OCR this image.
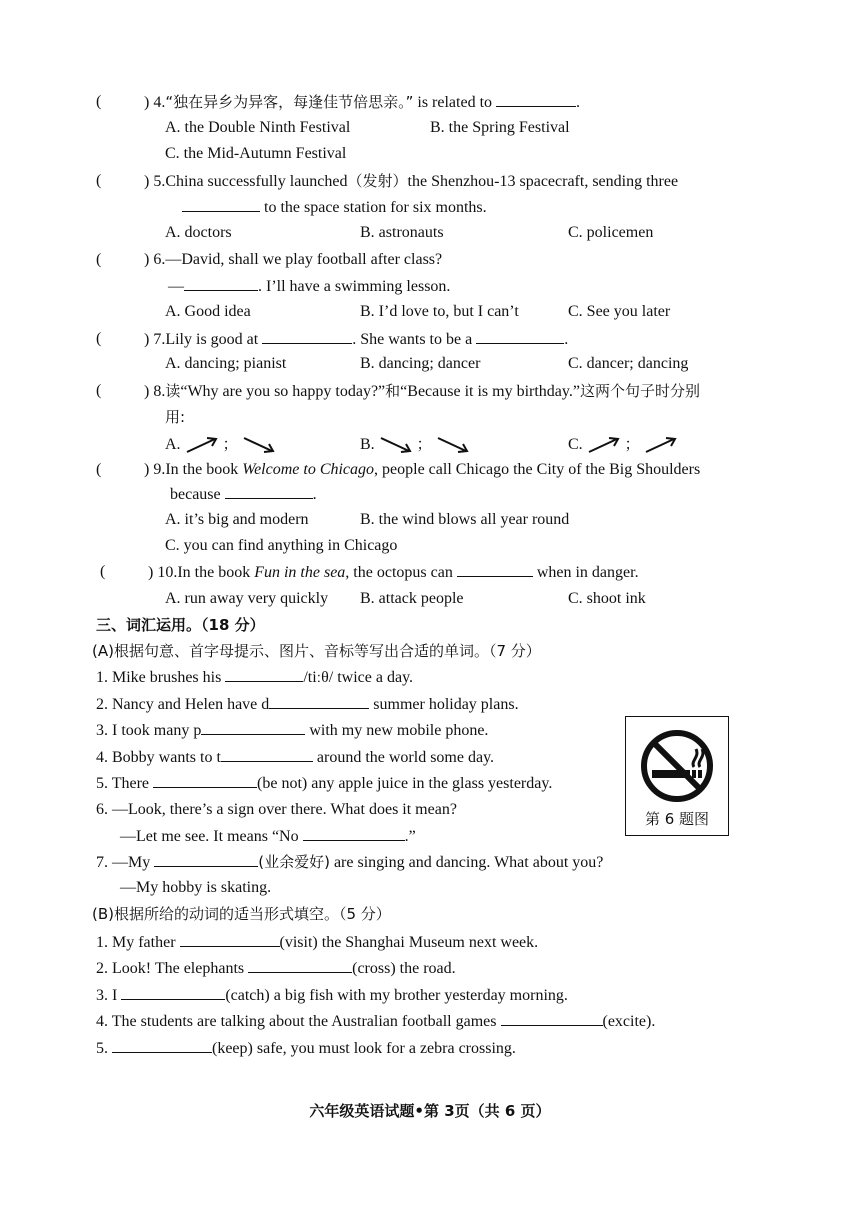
(	) 4.“独在异乡为异客，每逢佳节倍思亲。” is related to	.
A. the Double Ninth Festival	B. the Spring Festival
C. the Mid-Autumn Festival
(	) 5.China successfully launched（发射）the Shenzhou-13 spacecraft, sending three
to the space station for six months.
A. doctors	B. astronauts	C. policemen
(	) 6.—David, shall we play football after class?
—	. I’ll have a swimming lesson.
A. Good idea	B. I’d love to, but I can’t	C. See you later
(	) 7.Lily is good at	. She wants to be a	.
A. dancing; pianist	B. dancing; dancer	C. dancer; dancing
(	) 8.读“Why are you so happy today?”和“Because it is my birthday.”这两个句子时分别
用:
A.	；	B.	；	C.	；
(	) 9.In the book Welcome to Chicago, people call Chicago the City of the Big Shoulders
because	.
A. it’s big and modern	B. the wind blows all year round
C. you can find anything in Chicago
(	) 10.In the book Fun in the sea, the octopus can	when in danger.
A. run away very quickly B. attack people	C. shoot ink
三、词汇运用。（18 分）
(A)根据句意、首字母提示、图片、音标等写出合适的单词。（7 分）
1. Mike brushes his	/tiːθ/ twice a day.
2. Nancy and Helen have d	summer holiday plans.
3. I took many p	with my new mobile phone.
4. Bobby wants to t	around the world some day.
5. There	(be not) any apple juice in the glass yesterday.
6. —Look, there’s a sign over there. What does it mean?
—Let me see. It means “No	.”
7. —My	(业余爱好) are singing and dancing. What about you?
—My hobby is skating.
第 6 题图
(B)根据所给的动词的适当形式填空。（5 分）
1. My father	(visit) the Shanghai Museum next week.
2. Look! The elephants	(cross) the road.
3. I	(catch) a big fish with my brother yesterday morning.
4. The students are talking about the Australian football games	(excite).
5.	(keep) safe, you must look for a zebra crossing.
六年级英语试题•第 3页（共 6 页）
